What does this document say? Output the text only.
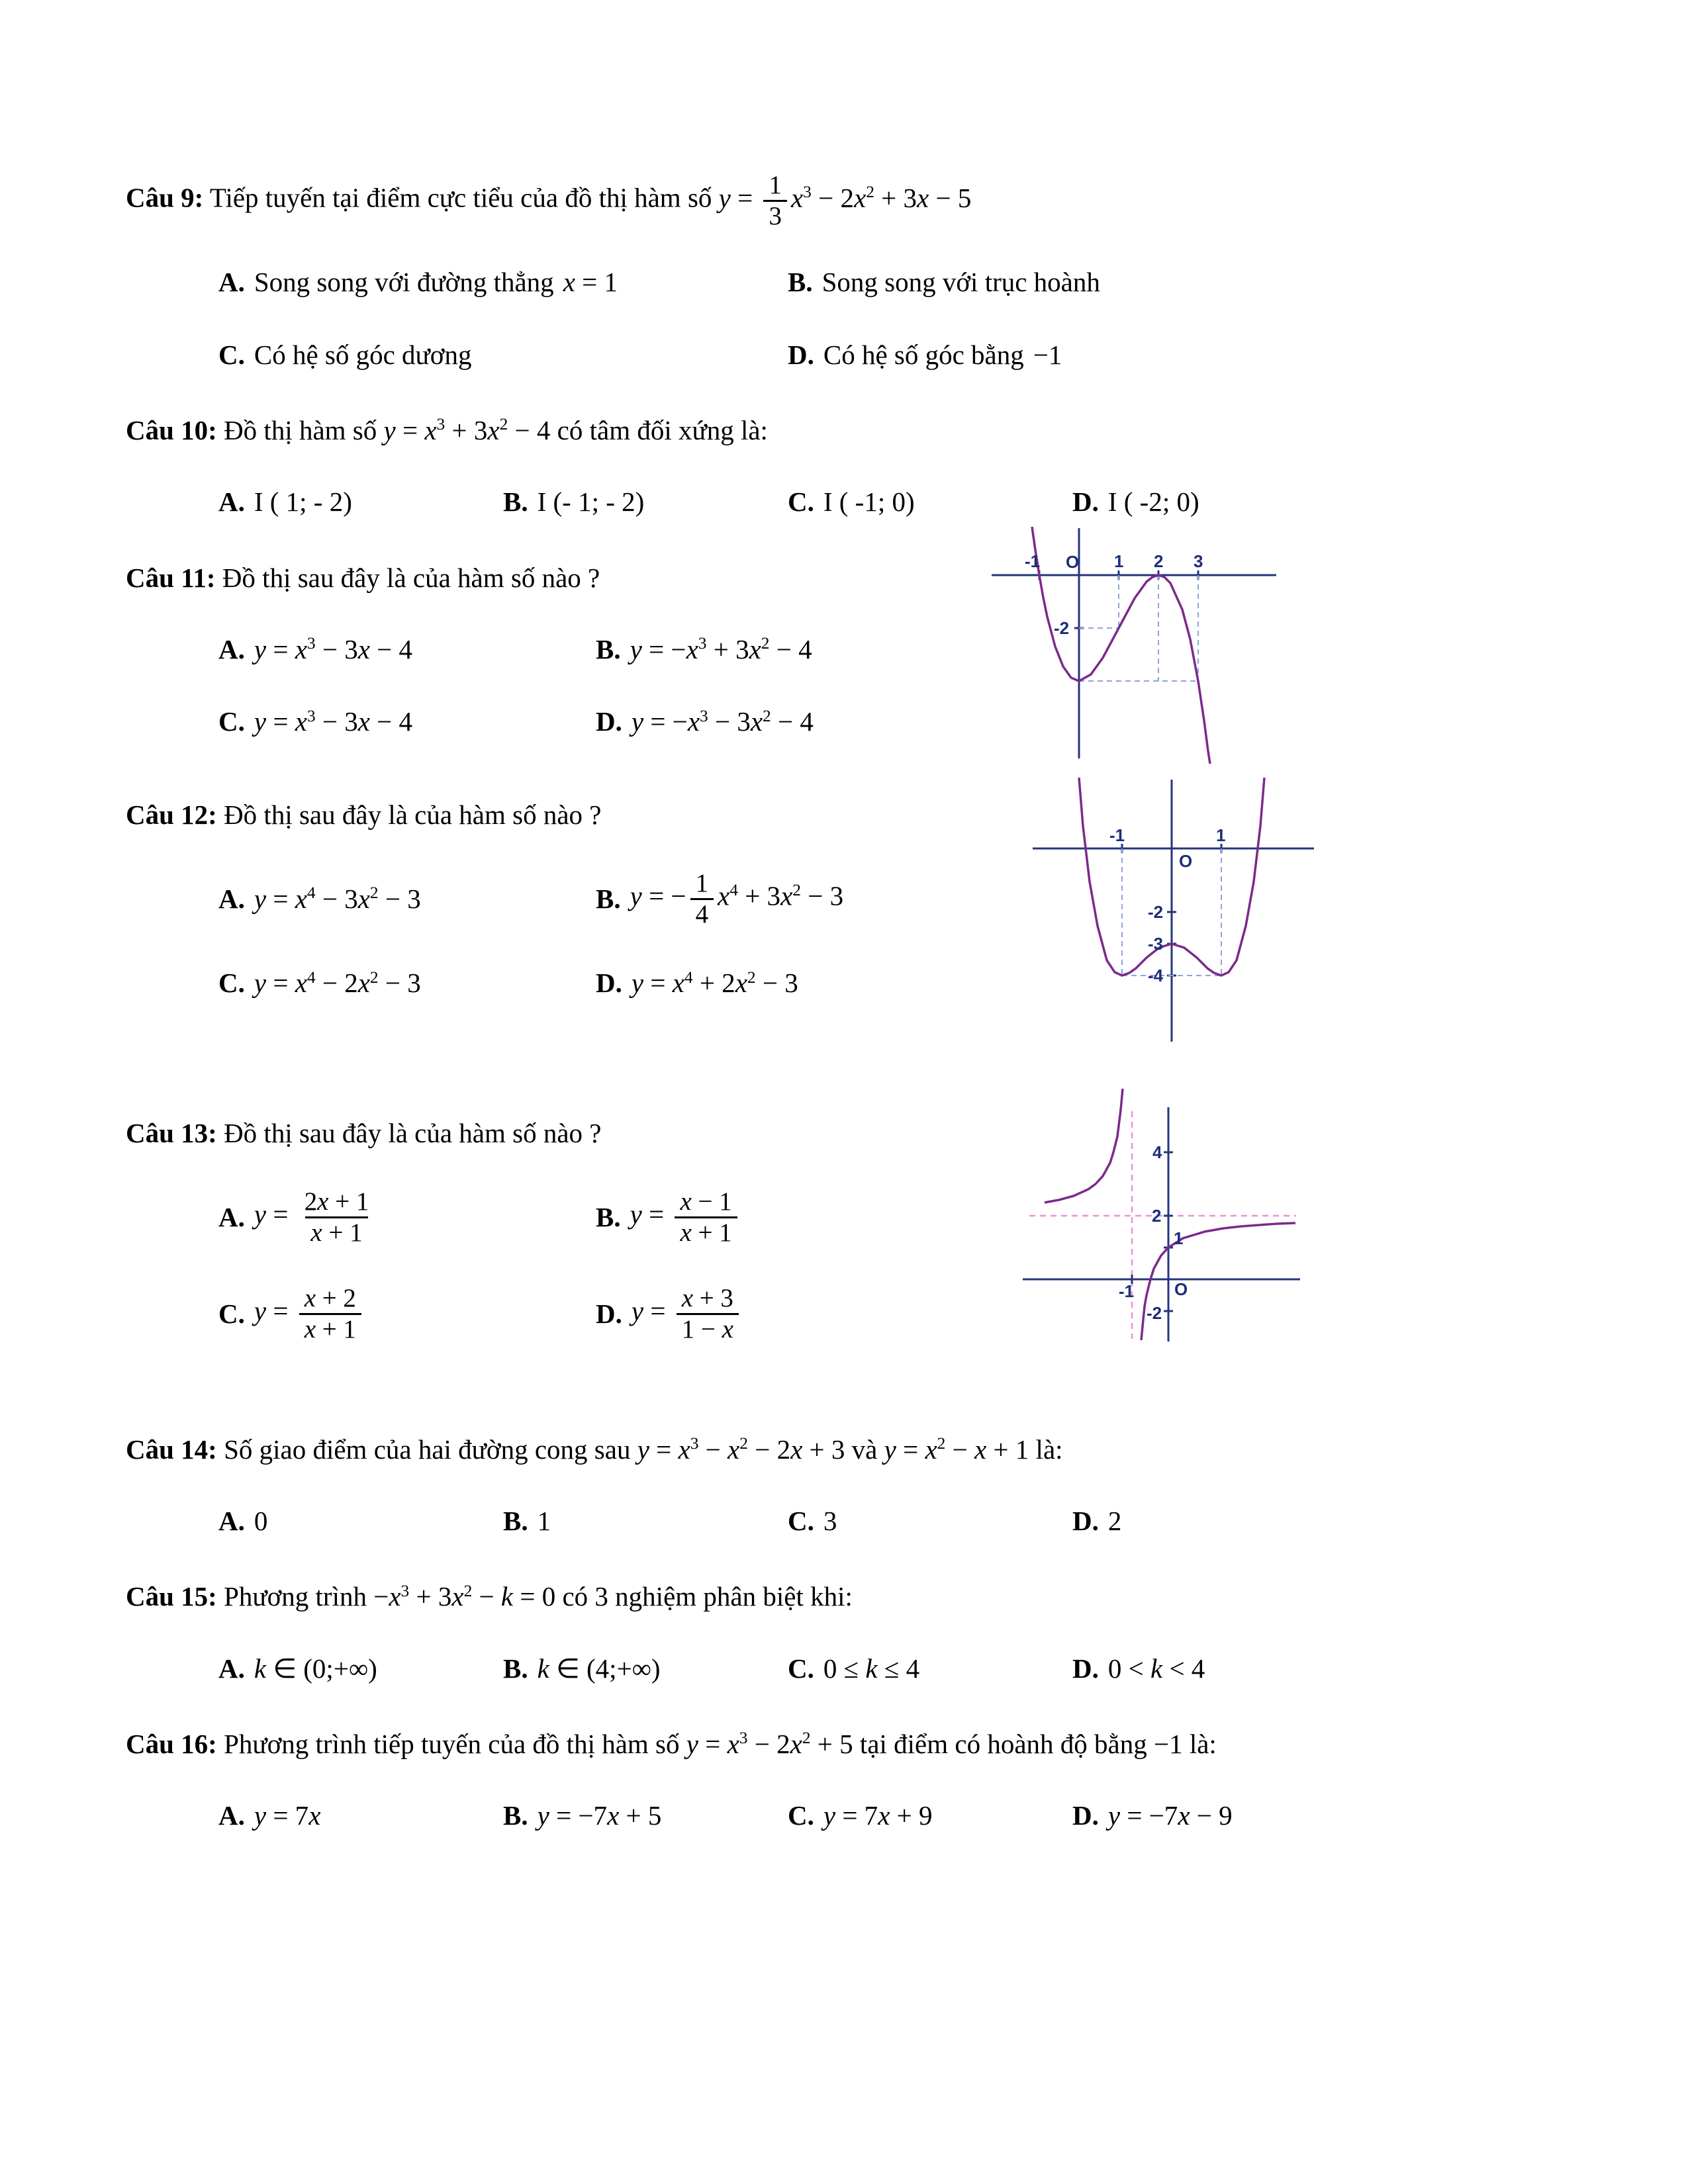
Câu 9: Tiếp tuyến tại điểm cực tiểu của đồ thị hàm số $y = \frac{1}{3} x^3 - 2x^2 + 3x - 5$

A. Song song với đường thẳng x = 1	B. Song song với trục hoành
C. Có hệ số góc dương	D. Có hệ số góc bằng −1

Câu 10: Đồ thị hàm số $y = x^3 + 3x^2 - 4$ có tâm đối xứng là:

A. I ( 1; - 2)	B. I (- 1; - 2)	C. I ( -1; 0)	D. I ( -2; 0)

Câu 11: Đồ thị sau đây là của hàm số nào ?

-1 O 1 2 3
-2
A. $y = x^3 - 3x - 4$	B. $y = -x^3 + 3x^2 - 4$
C. $y = x^3 - 3x - 4$	D. $y = -x^3 - 3x^2 - 4$

Câu 12: Đồ thị sau đây là của hàm số nào ?

-1	1
O
-2
-3
-4
A. $y = x^4 - 3x^2 - 3$	B. y = − $\frac{1}{4} x^4 + 3x^2 - 3$
C. $y = x^4 - 2x^2 - 3$	D. $y = x^4 + 2x^2 - 3$

Câu 13: Đồ thị sau đây là của hàm số nào ?

4
2
1
-1 O
-2
A. $y = \frac{2x + 1}{x + 1}$	B. $y = \frac{x - 1}{x + 1}$
C. $y = \frac{x + 2}{x + 1}$	D. $y = \frac{x + 3}{1 - x}$

Câu 14: Số giao điểm của hai đường cong sau $y = x^3 - x^2 - 2x + 3$ và $y = x^2 - x + 1$ là:

A. 0	B. 1	C. 3	D. 2

Câu 15: Phương trình $-x^3 + 3x^2 - k = 0$ có 3 nghiệm phân biệt khi:

A. k ∈ (0;+∞)	B. k ∈ (4;+∞)	C. 0 ≤ k ≤ 4	D. 0 < k < 4

Câu 16: Phương trình tiếp tuyến của đồ thị hàm số $y = x^3 - 2x^2 + 5$ tại điểm có hoành độ bằng −1 là:

A. y = 7x	B. y = −7x + 5	C. y = 7x + 9	D. y = −7x − 9
